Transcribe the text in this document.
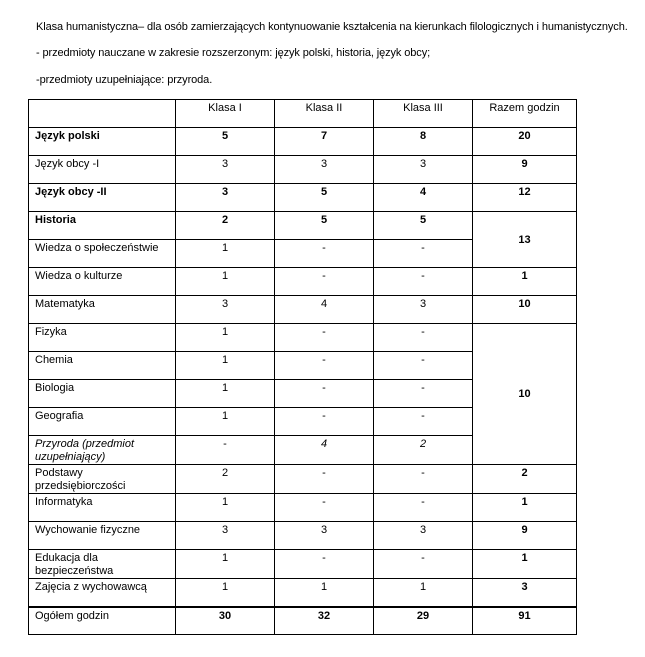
Klasa humanistyczna– dla osób zamierzających kontynuowanie kształcenia na kierunkach filologicznych i humanistycznych.
- przedmioty nauczane w zakresie rozszerzonym: język polski, historia, język obcy;
-przedmioty uzupełniające: przyroda.
	Klasa I	Klasa II	Klasa III	Razem godzin
Język polski	5	7	8	20
Język obcy -I	3	3	3	9
Język obcy -II	3	5	4	12
Historia	2	5	5	13
Wiedza o społeczeństwie	1	-	-	
Wiedza o kulturze	1	-	-	1
Matematyka	3	4	3	10
Fizyka	1	-	-	10
Chemia	1	-	-	
Biologia	1	-	-	
Geografia	1	-	-	
Przyroda (przedmiot uzupełniający)	-	4	2	
Podstawy przedsiębiorczości	2	-	-	2
Informatyka	1	-	-	1
Wychowanie fizyczne	3	3	3	9
Edukacja dla bezpieczeństwa	1	-	-	1
Zajęcia z wychowawcą	1	1	1	3
Ogółem godzin	30	32	29	91
